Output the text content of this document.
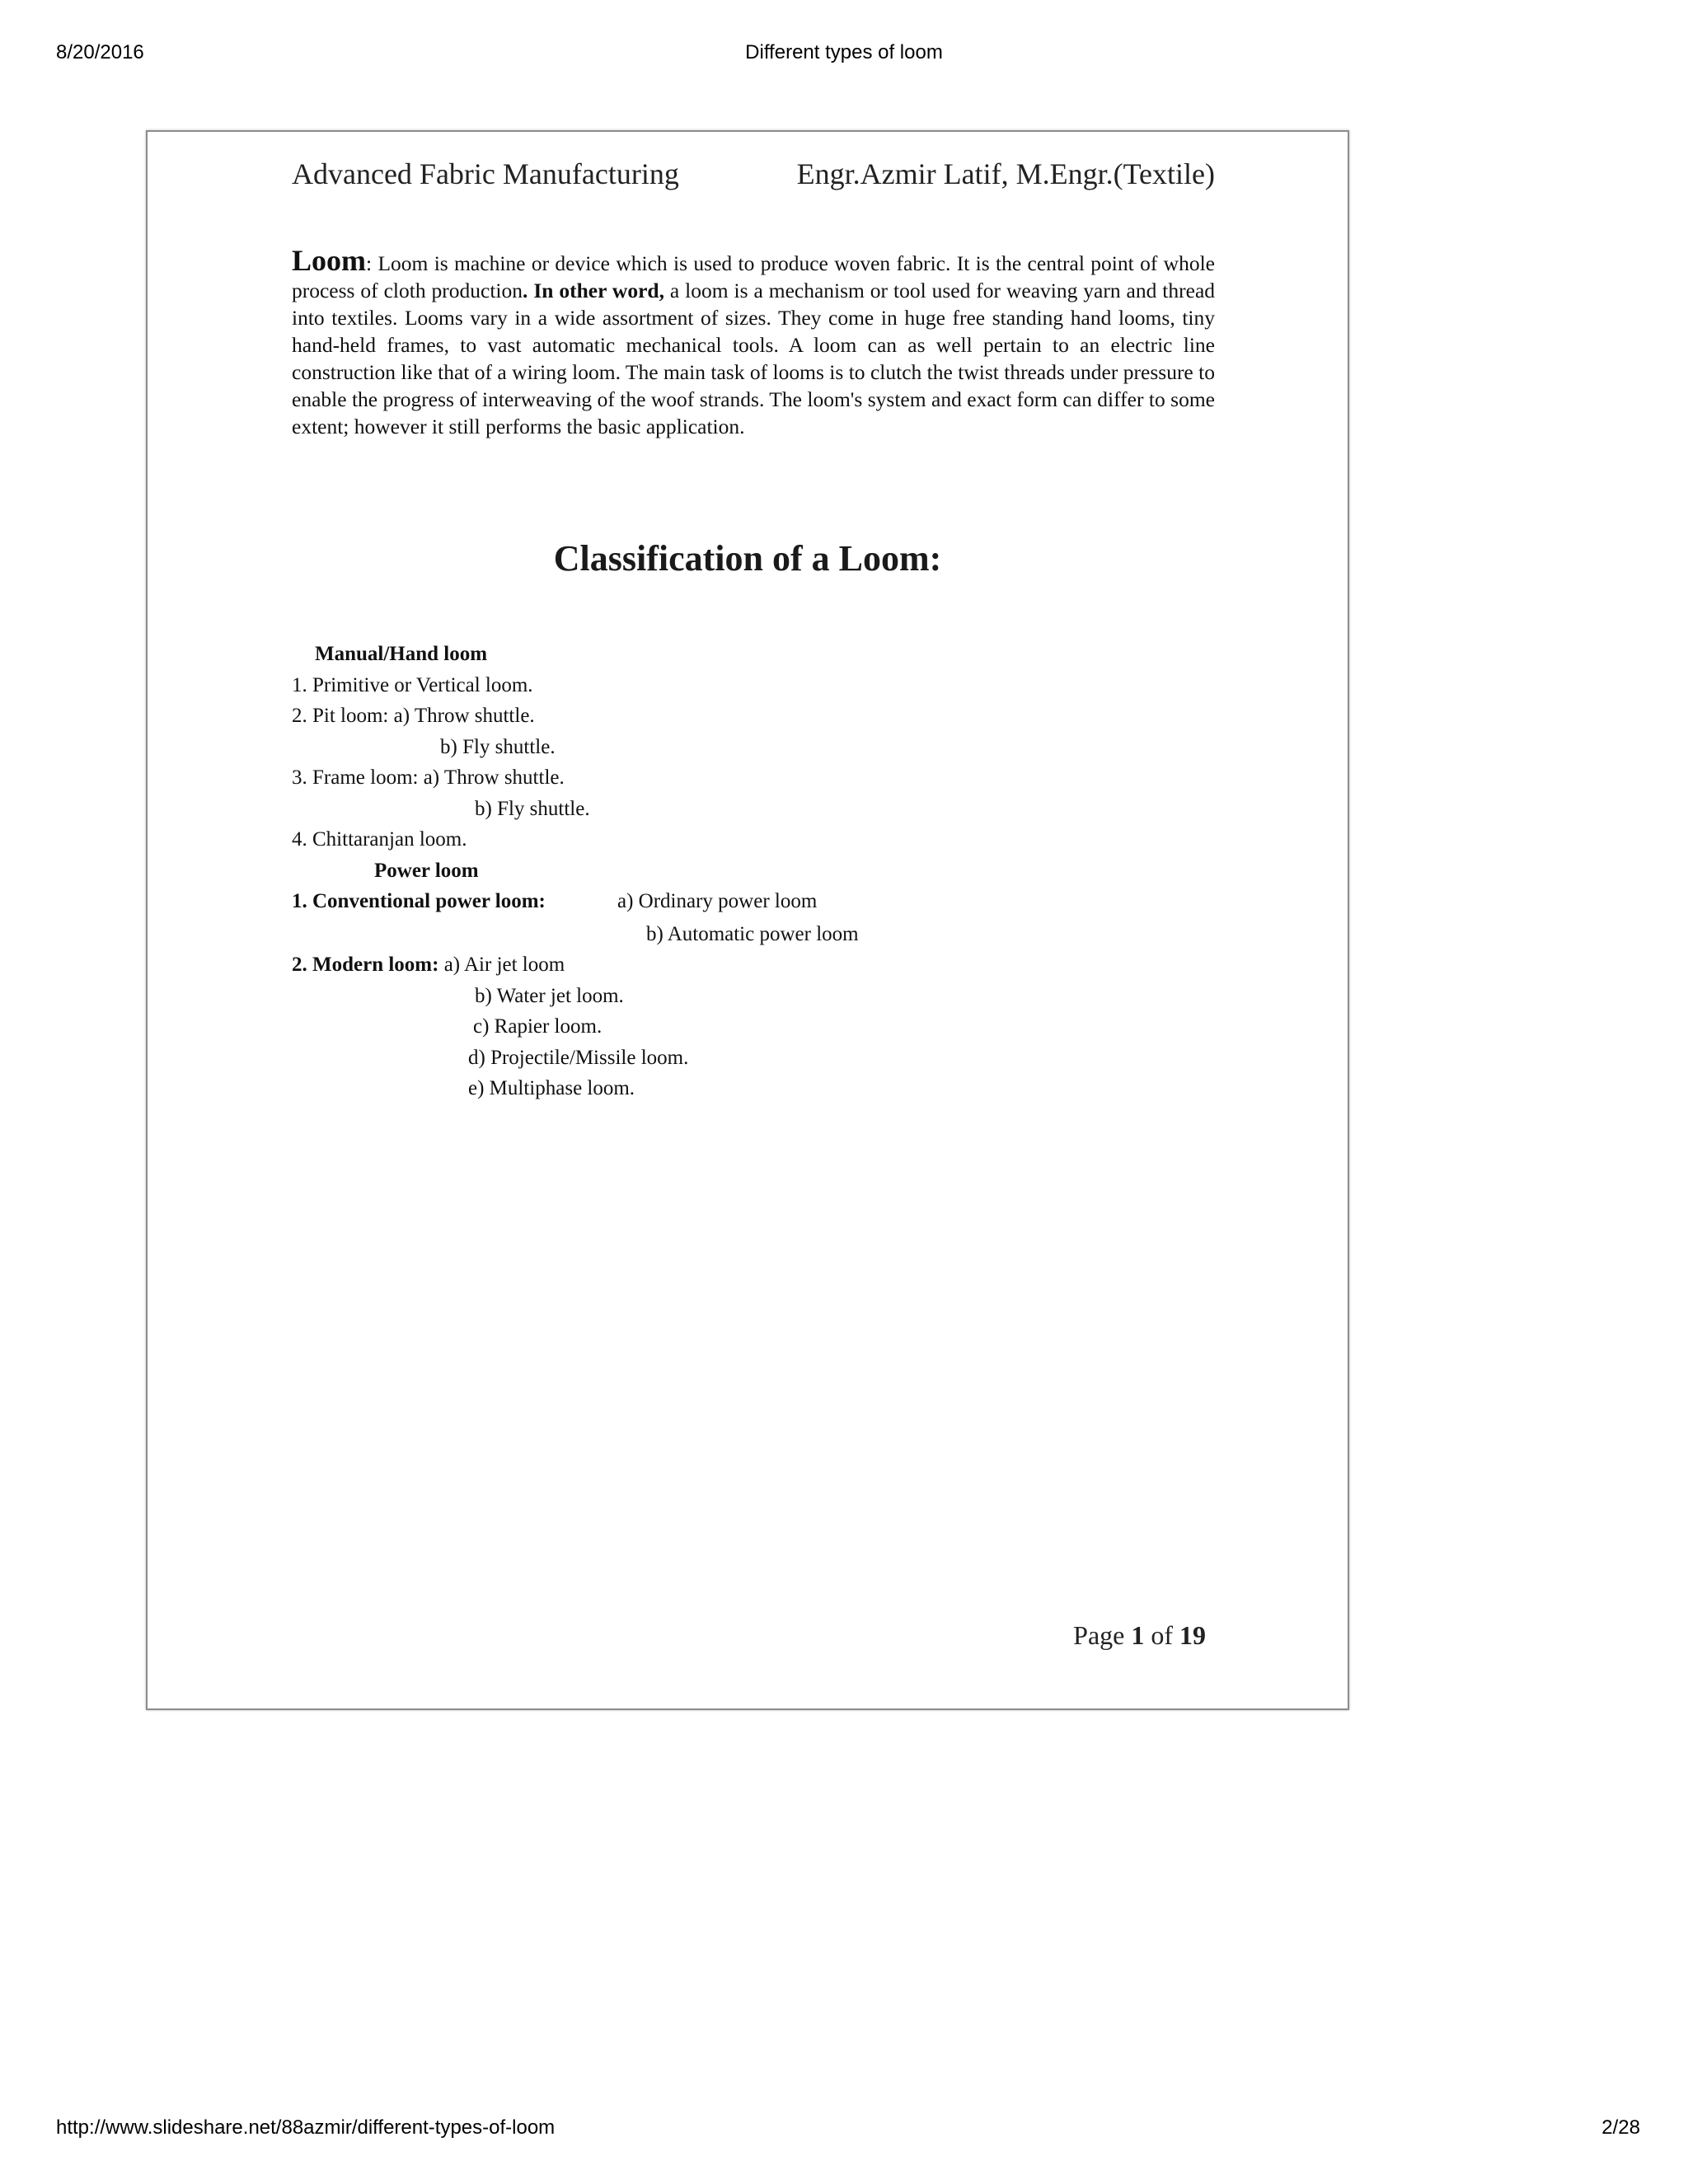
8/20/2016	Different types of loom
Advanced Fabric Manufacturing	Engr.Azmir Latif, M.Engr.(Textile)
Loom: Loom is machine or device which is used to produce woven fabric. It is the central point of whole process of cloth production. In other word, a loom is a mechanism or tool used for weaving yarn and thread into textiles. Looms vary in a wide assortment of sizes. They come in huge free standing hand looms, tiny hand-held frames, to vast automatic mechanical tools. A loom can as well pertain to an electric line construction like that of a wiring loom. The main task of looms is to clutch the twist threads under pressure to enable the progress of interweaving of the woof strands. The loom's system and exact form can differ to some extent; however it still performs the basic application.
Classification of a Loom:
Manual/Hand loom
1. Primitive or Vertical loom.
2. Pit loom: a) Throw shuttle.
b) Fly shuttle.
3. Frame loom: a) Throw shuttle.
b) Fly shuttle.
4. Chittaranjan loom.
Power loom
1. Conventional power loom:	a) Ordinary power loom
b) Automatic power loom
2. Modern loom: a) Air jet loom
b) Water jet loom.
c) Rapier loom.
d) Projectile/Missile loom.
e) Multiphase loom.
Page 1 of 19
http://www.slideshare.net/88azmir/different-types-of-loom	2/28
